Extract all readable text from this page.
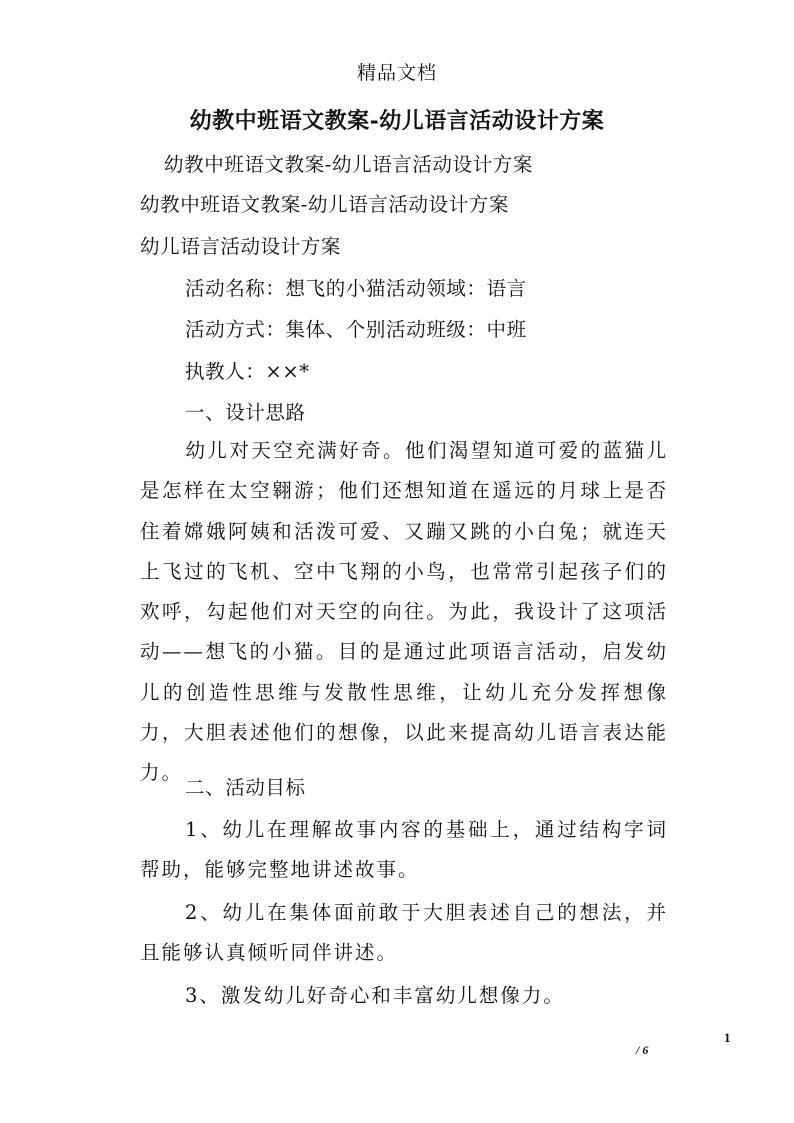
精品文档
幼教中班语文教案-幼儿语言活动设计方案
幼教中班语文教案-幼儿语言活动设计方案
幼教中班语文教案-幼儿语言活动设计方案
幼儿语言活动设计方案
活动名称：想飞的小猫活动领域：语言
活动方式：集体、个别活动班级：中班
执教人：××*
一、设计思路
幼儿对天空充满好奇。他们渴望知道可爱的蓝猫儿是怎样在太空翱游；他们还想知道在遥远的月球上是否住着嫦娥阿姨和活泼可爱、又蹦又跳的小白兔；就连天上飞过的飞机、空中飞翔的小鸟，也常常引起孩子们的欢呼，勾起他们对天空的向往。为此，我设计了这项活动——想飞的小猫。目的是通过此项语言活动，启发幼儿的创造性思维与发散性思维，让幼儿充分发挥想像力，大胆表述他们的想像，以此来提高幼儿语言表达能力。
二、活动目标
1、幼儿在理解故事内容的基础上，通过结构字词帮助，能够完整地讲述故事。
2、幼儿在集体面前敢于大胆表述自己的想法，并且能够认真倾听同伴讲述。
3、激发幼儿好奇心和丰富幼儿想像力。
1
/ 6
